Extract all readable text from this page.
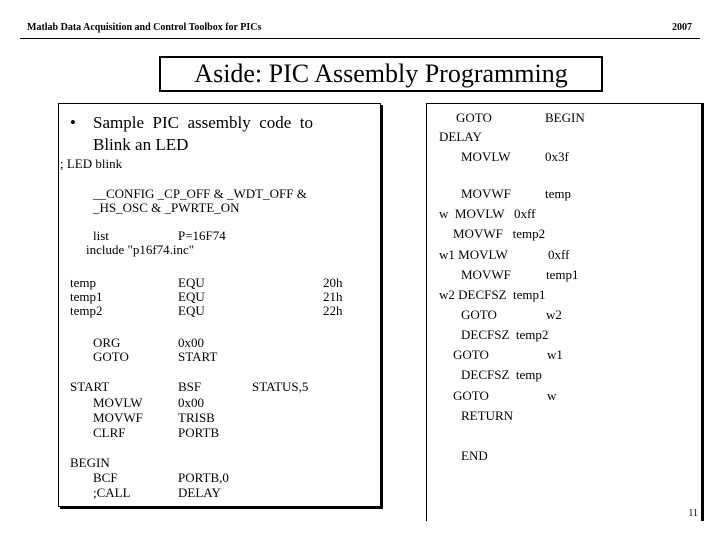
Matlab Data Acquisition and Control Toolbox for PICs	2007
Aside: PIC Assembly Programming
• Sample  PIC  assembly  code  to
Blink an LED
; LED blink
__CONFIG _CP_OFF & _WDT_OFF &
_HS_OSC & _PWRTE_ON
list	P=16F74
include "p16f74.inc"
temp	EQU	20h
temp1	EQU	21h
temp2	EQU	22h
ORG	0x00
GOTO	START
START	BSF	STATUS,5
MOVLW	0x00
MOVWF	TRISB
CLRF	PORTB
BEGIN
BCF	PORTB,0
;CALL	DELAY
GOTO	BEGIN
DELAY
MOVLW	0x3f
MOVWF	temp
w  MOVLW   0xff
MOVWF   temp2
w1 MOVLW	0xff
MOVWF	temp1
w2 DECFSZ  temp1
GOTO	w2
DECFSZ  temp2
GOTO	w1
DECFSZ  temp
GOTO	w
RETURN
END
11
